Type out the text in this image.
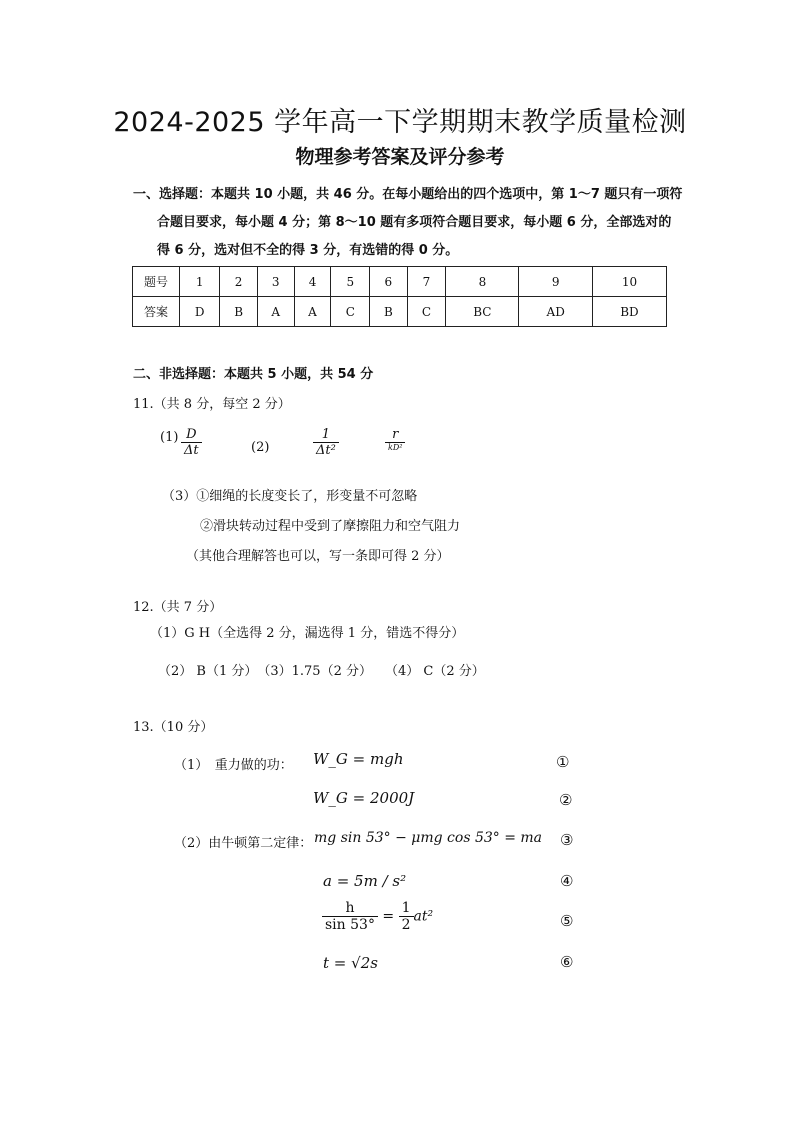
2024-2025 学年高一下学期期末教学质量检测
物理参考答案及评分参考
一、选择题：本题共 10 小题，共 46 分。在每小题给出的四个选项中，第 1～7 题只有一项符
合题目要求，每小题 4 分；第 8～10 题有多项符合题目要求，每小题 6 分，全部选对的
得 6 分，选对但不全的得 3 分，有选错的得 0 分。
题号	1	2	3	4	5	6	7	8	9	10
答案	D	B	A	A	C	B	C	BC	AD	BD
二、非选择题：本题共 5 小题，共 54 分
11.（共 8 分，每空 2 分）
$(1) \frac{D}{\Delta t}$	(2)	$\frac{1}{\text{Δt²}}$	$\frac{r}{\text{kD²}}$
（3）①细绳的长度变长了，形变量不可忽略
②滑块转动过程中受到了摩擦阻力和空气阻力
（其他合理解答也可以，写一条即可得 2 分）
12.（共 7 分）
（1）G H（全选得 2 分，漏选得 1 分，错选不得分）
（2） B（1 分）　（3）1.75（2 分）　　（4） C（2 分）
13.（10 分）
（1）　重力做的功： W_G = mgh	①
W_G = 2000J	②
（2）由牛顿第二定律： mg sin 53° − μmg cos 53° = ma ③
a = 5m / s²	④
$\frac{h}{\sin 53^\circ} = \frac{1}{2} at^2$	⑤
t = √2s	⑥
